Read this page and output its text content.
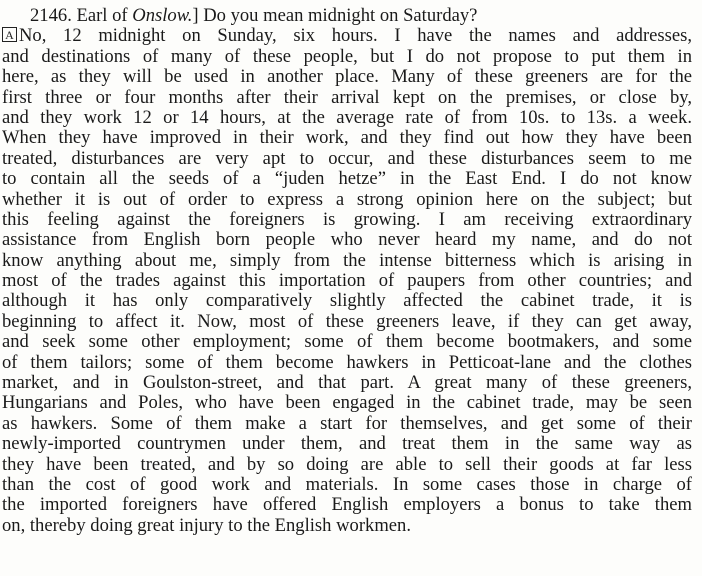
2146. Earl of Onslow.] Do you mean midnight on Saturday?
A No, 12 midnight on Sunday, six hours. I have the names and addresses,
and destinations of many of these people, but I do not propose to put them in
here, as they will be used in another place. Many of these greeners are for the
first three or four months after their arrival kept on the premises, or close by,
and they work 12 or 14 hours, at the average rate of from 10s. to 13s. a week.
When they have improved in their work, and they find out how they have been
treated, disturbances are very apt to occur, and these disturbances seem to me
to contain all the seeds of a “juden hetze” in the East End. I do not know
whether it is out of order to express a strong opinion here on the subject; but
this feeling against the foreigners is growing. I am receiving extraordinary
assistance from English born people who never heard my name, and do not
know anything about me, simply from the intense bitterness which is arising in
most of the trades against this importation of paupers from other countries; and
although it has only comparatively slightly affected the cabinet trade, it is
beginning to affect it. Now, most of these greeners leave, if they can get away,
and seek some other employment; some of them become bootmakers, and some
of them tailors; some of them become hawkers in Petticoat-lane and the clothes
market, and in Goulston-street, and that part. A great many of these greeners,
Hungarians and Poles, who have been engaged in the cabinet trade, may be seen
as hawkers. Some of them make a start for themselves, and get some of their
newly-imported countrymen under them, and treat them in the same way as
they have been treated, and by so doing are able to sell their goods at far less
than the cost of good work and materials. In some cases those in charge of
the imported foreigners have offered English employers a bonus to take them
on, thereby doing great injury to the English workmen.
